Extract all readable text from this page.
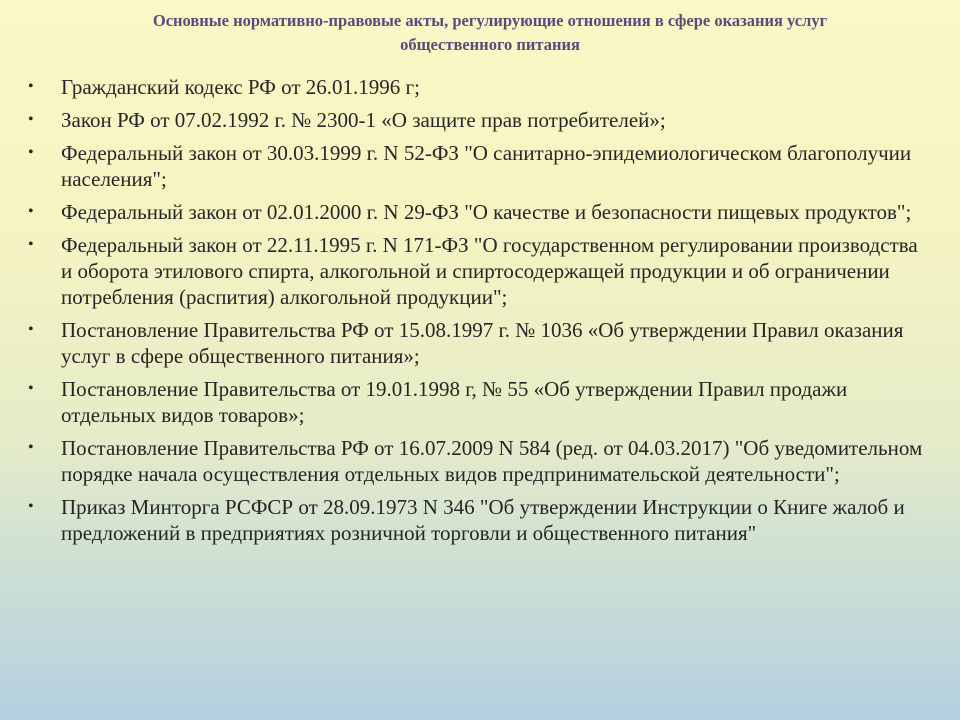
Основные нормативно-правовые акты, регулирующие отношения в сфере оказания услуг
общественного питания
• Гражданский кодекс РФ от 26.01.1996 г;
• Закон РФ от 07.02.1992 г. № 2300-1 «О защите прав потребителей»;
• Федеральный закон от 30.03.1999 г. N 52-ФЗ "О санитарно-эпидемиологическом благополучии населения";
• Федеральный закон от 02.01.2000 г. N 29-ФЗ "О качестве и безопасности пищевых продуктов";
• Федеральный закон от 22.11.1995 г. N 171-ФЗ "О государственном регулировании производства и оборота этилового спирта, алкогольной и спиртосодержащей продукции и об ограничении потребления (распития) алкогольной продукции";
• Постановление Правительства РФ от 15.08.1997 г. № 1036 «Об утверждении Правил оказания услуг в сфере общественного питания»;
• Постановление Правительства от 19.01.1998 г, № 55 «Об утверждении Правил продажи отдельных видов товаров»;
• Постановление Правительства РФ от 16.07.2009 N 584 (ред. от 04.03.2017) "Об уведомительном порядке начала осуществления отдельных видов предпринимательской деятельности";
• Приказ Минторга РСФСР от 28.09.1973 N 346 "Об утверждении Инструкции о Книге жалоб и предложений в предприятиях розничной торговли и общественного питания"
